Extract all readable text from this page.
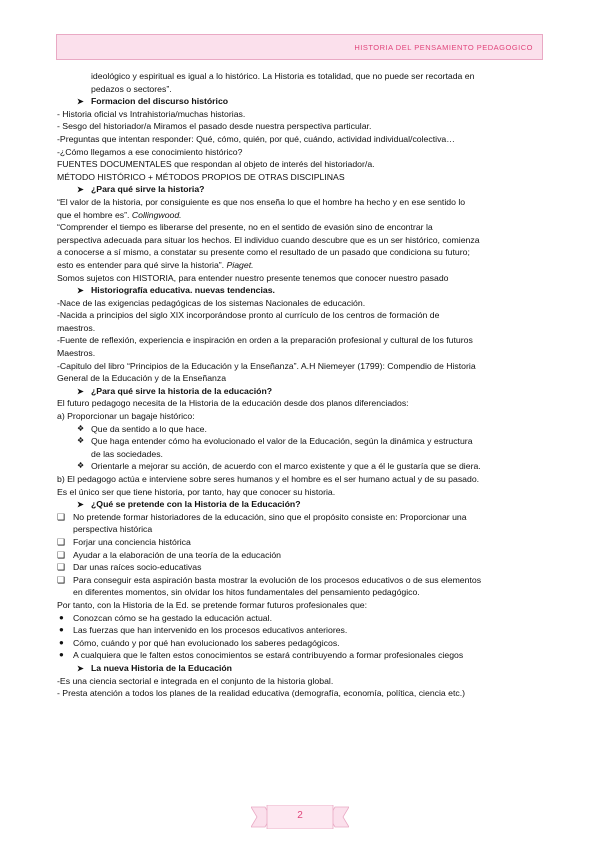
HISTORIA DEL PENSAMIENTO PEDAGOGICO
ideológico y espiritual es igual a lo histórico. La Historia es totalidad, que no puede ser recortada en
pedazos o sectores”.
➤ Formacion del discurso histórico
- Historia oficial vs Intrahistoria/muchas historias.
- Sesgo del historiador/a Miramos el pasado desde nuestra perspectiva particular.
-Preguntas que intentan responder: Qué, cómo, quién, por qué, cuándo, actividad individual/colectiva…
-¿Cómo llegamos a ese conocimiento histórico?
FUENTES DOCUMENTALES que respondan al objeto de interés del historiador/a.
MÉTODO HISTÓRICO + MÉTODOS PROPIOS DE OTRAS DISCIPLINAS
➤ ¿Para qué sirve la historia?
“El valor de la historia, por consiguiente es que nos enseña lo que el hombre ha hecho y en ese sentido lo
que el hombre es”. Collingwood.
“Comprender el tiempo es liberarse del presente, no en el sentido de evasión sino de encontrar la
perspectiva adecuada para situar los hechos. El individuo cuando descubre que es un ser histórico, comienza
a conocerse a sí mismo, a constatar su presente como el resultado de un pasado que condiciona su futuro;
esto es entender para qué sirve la historia”. Piaget.
Somos sujetos con HISTORIA, para entender nuestro presente tenemos que conocer nuestro pasado
➤ Historiografía educativa. nuevas tendencias.
-Nace de las exigencias pedagógicas de los sistemas Nacionales de educación.
-Nacida a principios del siglo XIX incorporándose pronto al currículo de los centros de formación de
maestros.
-Fuente de reflexión, experiencia e inspiración en orden a la preparación profesional y cultural de los futuros
Maestros.
-Capitulo del libro “Principios de la Educación y la Enseñanza”. A.H Niemeyer (1799): Compendio de Historia
General de la Educación y de la Enseñanza
➤ ¿Para qué sirve la historia de la educación?
El futuro pedagogo necesita de la Historia de la educación desde dos planos diferenciados:
a) Proporcionar un bagaje histórico:
❖ Que da sentido a lo que hace.
❖ Que haga entender cómo ha evolucionado el valor de la Educación, según la dinámica y estructura
de las sociedades.
❖ Orientarle a mejorar su acción, de acuerdo con el marco existente y que a él le gustaría que se diera.
b) El pedagogo actúa e interviene sobre seres humanos y el hombre es el ser humano actual y de su pasado.
Es el único ser que tiene historia, por tanto, hay que conocer su historia.
➤ ¿Qué se pretende con la Historia de la Educación?
❑ No pretende formar historiadores de la educación, sino que el propósito consiste en: Proporcionar una
perspectiva histórica
❑ Forjar una conciencia histórica
❑ Ayudar a la elaboración de una teoría de la educación
❑ Dar unas raíces socio-educativas
❑ Para conseguir esta aspiración basta mostrar la evolución de los procesos educativos o de sus elementos
en diferentes momentos, sin olvidar los hitos fundamentales del pensamiento pedagógico.
Por tanto, con la Historia de la Ed. se pretende formar futuros profesionales que:
● Conozcan cómo se ha gestado la educación actual.
● Las fuerzas que han intervenido en los procesos educativos anteriores.
● Cómo, cuándo y por qué han evolucionado los saberes pedagógicos.
● A cualquiera que le falten estos conocimientos se estará contribuyendo a formar profesionales ciegos
➤ La nueva Historia de la Educación
-Es una ciencia sectorial e integrada en el conjunto de la historia global.
- Presta atención a todos los planes de la realidad educativa (demografía, economía, política, ciencia etc.)
2
